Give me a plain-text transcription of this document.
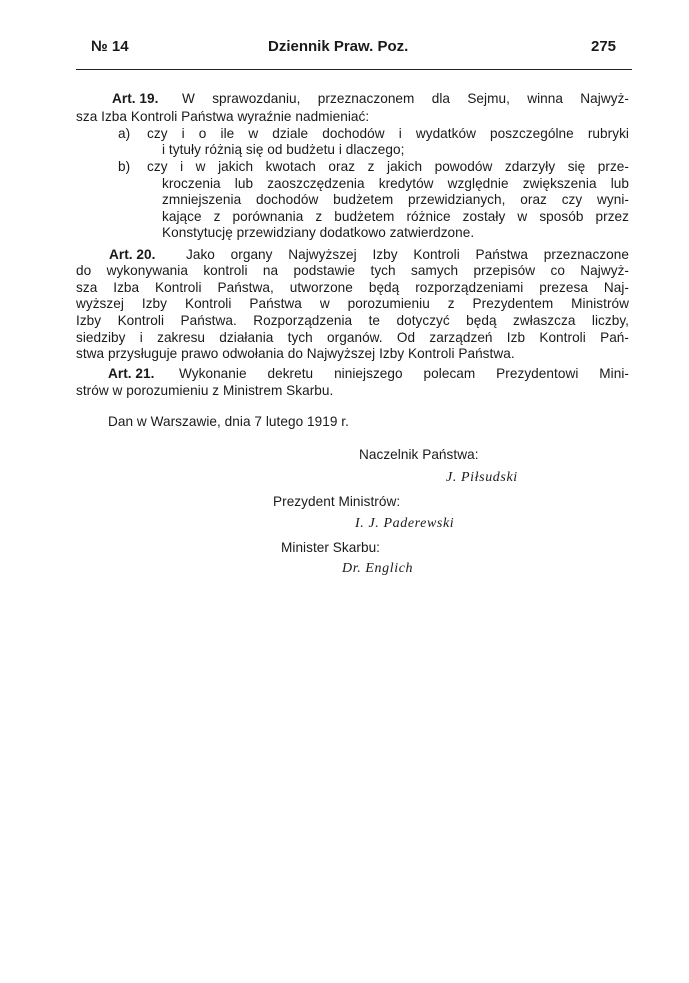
№ 14	Dziennik Praw. Poz.	275
Art. 19. W sprawozdaniu, przeznaczonem dla Sejmu, winna Najwyż-
sza Izba Kontroli Państwa wyraźnie nadmieniać:
a) czy i o ile w dziale dochodów i wydatków poszczególne rubryki
i tytuły różnią się od budżetu i dlaczego;
b) czy i w jakich kwotach oraz z jakich powodów zdarzyły się prze-
kroczenia lub zaoszczędzenia kredytów względnie zwiększenia lub
zmniejszenia dochodów budżetem przewidzianych, oraz czy wyni-
kające z porównania z budżetem różnice zostały w sposób przez
Konstytucję przewidziany dodatkowo zatwierdzone.
Art. 20. Jako organy Najwyższej Izby Kontroli Państwa przeznaczone
do wykonywania kontroli na podstawie tych samych przepisów co Najwyż-
sza Izba Kontroli Państwa, utworzone będą rozporządzeniami prezesa Naj-
wyższej Izby Kontroli Państwa w porozumieniu z Prezydentem Ministrów
Izby Kontroli Państwa. Rozporządzenia te dotyczyć będą zwłaszcza liczby,
siedziby i zakresu działania tych organów. Od zarządzeń Izb Kontroli Pań-
stwa przysługuje prawo odwołania do Najwyższej Izby Kontroli Państwa.
Art. 21. Wykonanie dekretu niniejszego polecam Prezydentowi Mini-
strów w porozumieniu z Ministrem Skarbu.
Dan w Warszawie, dnia 7 lutego 1919 r.
Naczelnik Państwa:
J. Piłsudski
Prezydent Ministrów:
I. J. Paderewski
Minister Skarbu:
Dr. Englich
